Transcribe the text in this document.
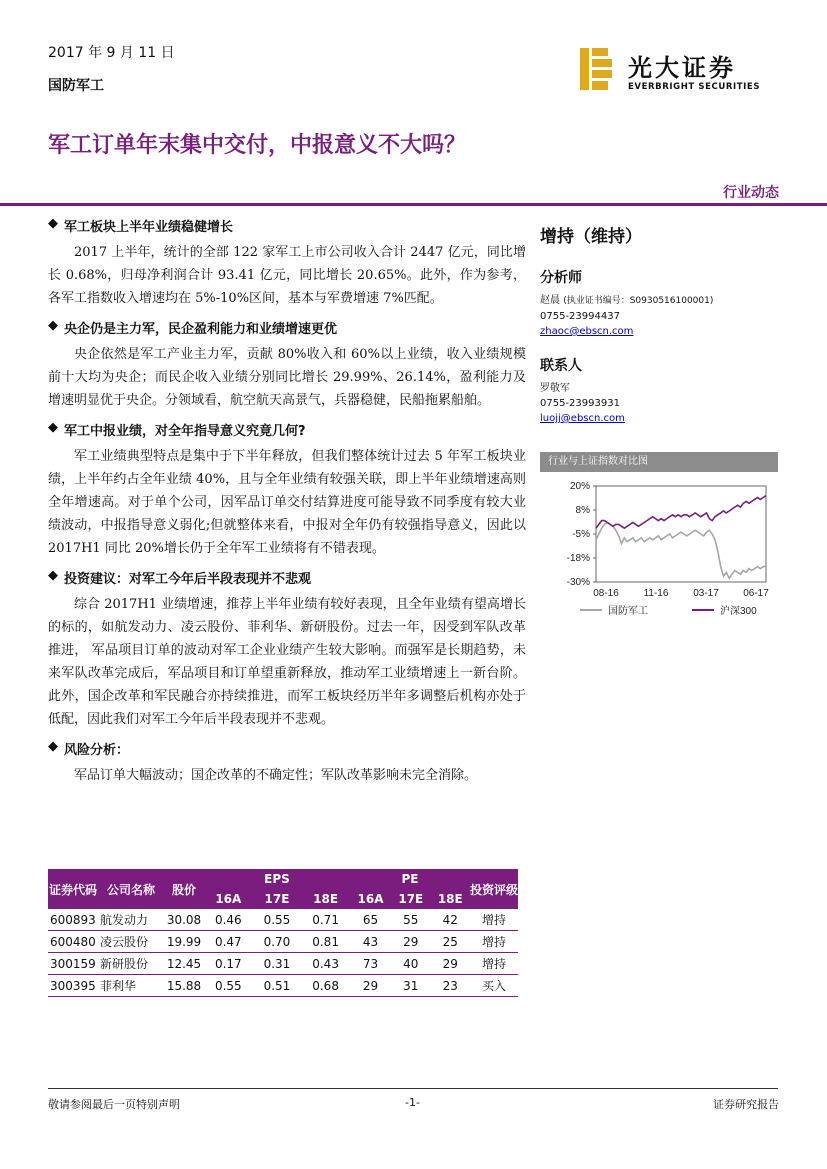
2017 年 9 月 11 日
国防军工
光大证券
EVERBRIGHT SECURITIES
军工订单年末集中交付，中报意义不大吗？
行业动态
◆ 军工板块上半年业绩稳健增长

2017 上半年，统计的全部 122 家军工上市公司收入合计 2447 亿元，同比增长 0.68%，归母净利润合计 93.41 亿元，同比增长 20.65%。此外，作为参考，各军工指数收入增速均在 5%-10%区间，基本与军费增速 7%匹配。

◆ 央企仍是主力军，民企盈利能力和业绩增速更优

央企依然是军工产业主力军，贡献 80%收入和 60%以上业绩，收入业绩规模前十大均为央企；而民企收入业绩分别同比增长 29.99%、26.14%，盈利能力及增速明显优于央企。分领域看，航空航天高景气，兵器稳健，民船拖累船舶。

◆ 军工中报业绩，对全年指导意义究竟几何?

军工业绩典型特点是集中于下半年释放，但我们整体统计过去 5 年军工板块业绩，上半年约占全年业绩 40%，且与全年业绩有较强关联，即上半年业绩增速高则全年增速高。对于单个公司，因军品订单交付结算进度可能导致不同季度有较大业绩波动，中报指导意义弱化;但就整体来看，中报对全年仍有较强指导意义，因此以2017H1 同比 20%增长仍于全年军工业绩将有不错表现。

◆ 投资建议：对军工今年后半段表现并不悲观

综合 2017H1 业绩增速，推荐上半年业绩有较好表现，且全年业绩有望高增长的标的，如航发动力、凌云股份、菲利华、新研股份。过去一年，因受到军队改革推进， 军品项目订单的波动对军工企业业绩产生较大影响。而强军是长期趋势，未来军队改革完成后，军品项目和订单望重新释放，推动军工业绩增速上一新台阶。此外，国企改革和军民融合亦持续推进，而军工板块经历半年多调整后机构亦处于低配，因此我们对军工今年后半段表现并不悲观。

◆ 风险分析：

军品订单大幅波动；国企改革的不确定性；军队改革影响未完全消除。

增持（维持）
分析师
赵晨 (执业证书编号：S0930516100001)
0755-23994437
zhaoc@ebscn.com
联系人
罗敬军
0755-23993931
luojj@ebscn.com
行业与上证指数对比图
20%
8%
-5%
-18%
-30%
08-16 11-16 03-17 06-17
国防军工	沪深300
证券代码	公司名称	股价	EPS			PE			投资评级
			16A	17E	18E	16A	17E	18E	
600893	航发动力	30.08	0.46	0.55	0.71	65	55	42	增持
600480	凌云股份	19.99	0.47	0.70	0.81	43	29	25	增持
300159	新研股份	12.45	0.17	0.31	0.43	73	40	29	增持
300395	菲利华	15.88	0.55	0.51	0.68	29	31	23	买入
敬请参阅最后一页特别声明	-1-	证券研究报告
